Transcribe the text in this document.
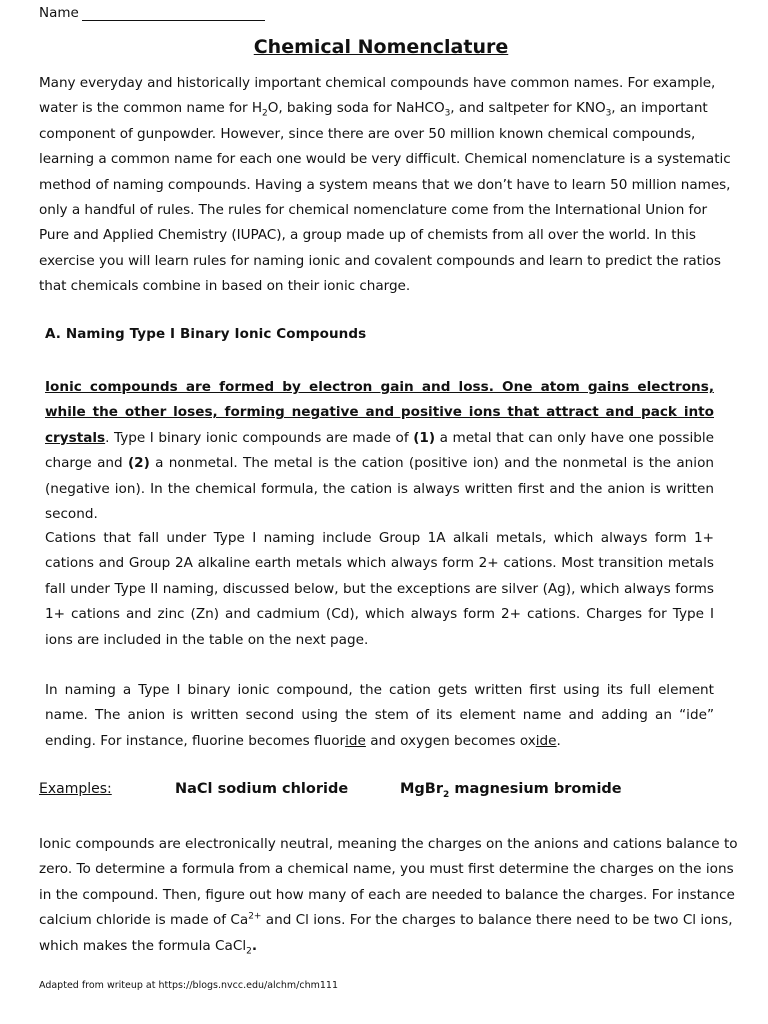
Name
Chemical Nomenclature

Many everyday and historically important chemical compounds have common names. For example, water is the common name for $H_2O$, baking soda for NaHCO$_3$, and saltpeter for $KNO_3$, an important component of gunpowder. However, since there are over 50 million known chemical compounds, learning a common name for each one would be very difficult. Chemical nomenclature is a systematic method of naming compounds. Having a system means that we don’t have to learn 50 million names, only a handful of rules. The rules for chemical nomenclature come from the International Union for Pure and Applied Chemistry (IUPAC), a group made up of chemists from all over the world. In this exercise you will learn rules for naming ionic and covalent compounds and learn to predict the ratios that chemicals combine in based on their ionic charge.

A. Naming Type I Binary Ionic Compounds

Ionic compounds are formed by electron gain and loss. One atom gains electrons, while the other loses, forming negative and positive ions that attract and pack into crystals. Type I binary ionic compounds are made of (1) a metal that can only have one possible charge and (2) a nonmetal. The metal is the cation (positive ion) and the nonmetal is the anion (negative ion). In the chemical formula, the cation is always written first and the anion is written second.

Cations that fall under Type I naming include Group 1A alkali metals, which always form 1+ cations and Group 2A alkaline earth metals which always form 2+ cations. Most transition metals fall under Type II naming, discussed below, but the exceptions are silver (Ag), which always forms 1+ cations and zinc (Zn) and cadmium (Cd), which always form 2+ cations. Charges for Type I ions are included in the table on the next page.

In naming a Type I binary ionic compound, the cation gets written first using its full element name. The anion is written second using the stem of its element name and adding an “ide” ending. For instance, fluorine becomes fluoride and oxygen becomes oxide.

Examples:	NaCl sodium chloride	MgBr$_2$ magnesium bromide

Ionic compounds are electronically neutral, meaning the charges on the anions and cations balance to zero. To determine a formula from a chemical name, you must first determine the charges on the ions in the compound. Then, figure out how many of each are needed to balance the charges. For instance calcium chloride is made of $Ca^{2+}$ and Cl ions. For the charges to balance there need to be two Cl ions, which makes the formula CaCl$_2$.

Adapted from writeup at https://blogs.nvcc.edu/alchm/chm111
